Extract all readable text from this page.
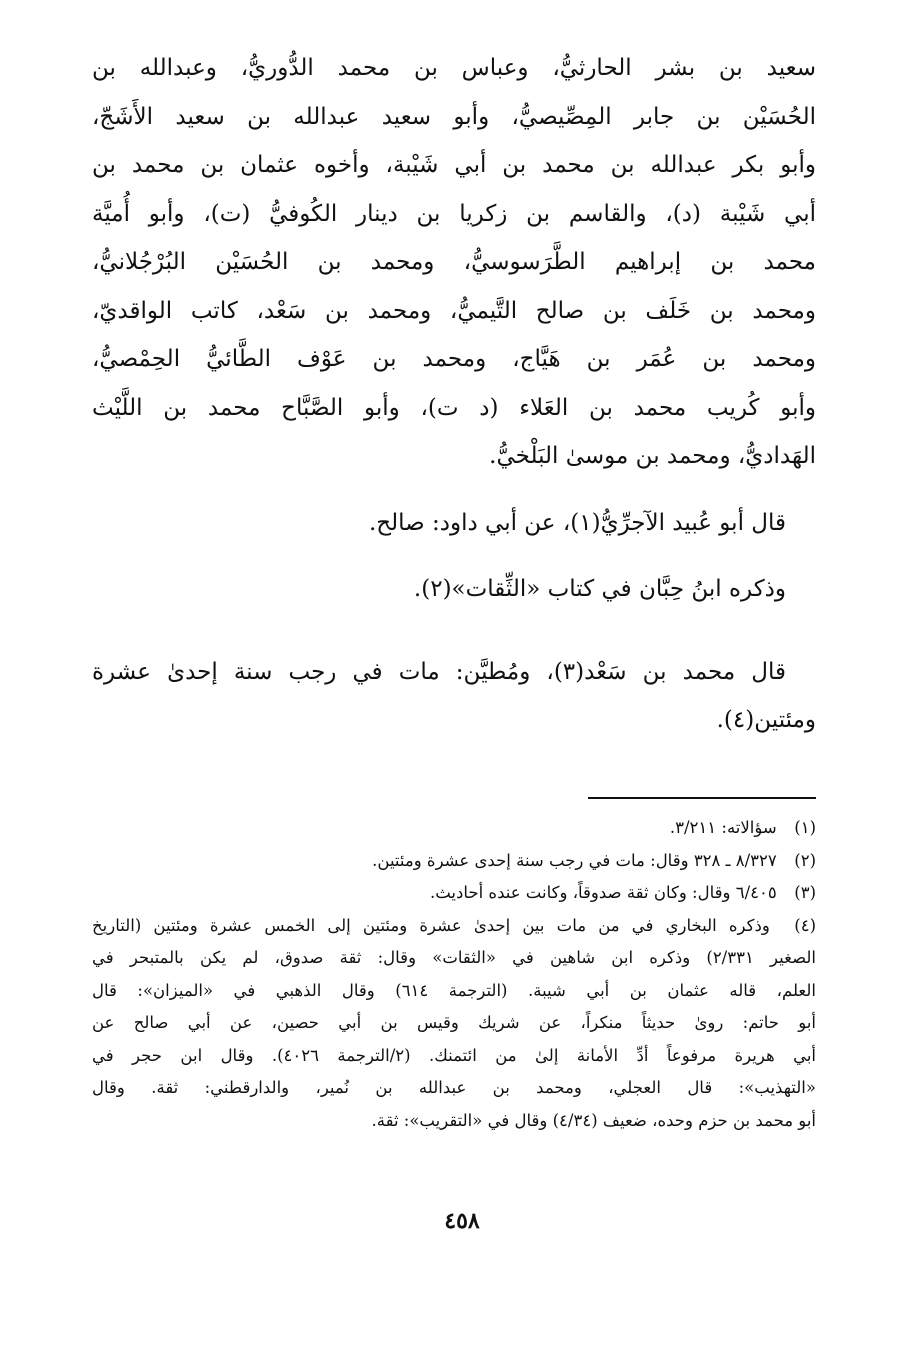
سعيد بن بشر الحارثيُّ، وعباس بن محمد الدُّوريُّ، وعبدالله بن
الحُسَيْن بن جابر المِصِّيصيُّ، وأبو سعيد عبدالله بن سعيد الأَشَجّ،
وأبو بكر عبدالله بن محمد بن أبي شَيْبة، وأخوه عثمان بن محمد بن
أبي شَيْبة (د)، والقاسم بن زكريا بن دينار الكُوفيُّ (ت)، وأبو أُميَّة
محمد بن إبراهيم الطَّرَسوسيُّ، ومحمد بن الحُسَيْن البُرْجُلانيُّ،
ومحمد بن خَلَف بن صالح التَّيميُّ، ومحمد بن سَعْد، كاتب الواقديّ،
ومحمد بن عُمَر بن هَيَّاج، ومحمد بن عَوْف الطَّائيُّ الحِمْصيُّ،
وأبو كُريب محمد بن العَلاء (د ت)، وأبو الصَّبَّاح محمد بن اللَّيْث
الهَداديُّ، ومحمد بن موسىٰ البَلْخيُّ.
قال أبو عُبيد الآجرِّيُّ(١)، عن أبي داود: صالح.
وذكره ابنُ حِبَّان في كتاب «الثِّقات»(٢).
قال محمد بن سَعْد(٣)، ومُطيَّن: مات في رجب سنة إحدىٰ عشرة
ومئتين(٤).
(١) سؤالاته: ٣/٢١١.
(٢) ٨/٣٢٧ ـ ٣٢٨ وقال: مات في رجب سنة إحدى عشرة ومئتين.
(٣) ٦/٤٠٥ وقال: وكان ثقة صدوقاً، وكانت عنده أحاديث.
(٤) وذكره البخاري في من مات بين إحدىٰ عشرة ومئتين إلى الخمس عشرة ومئتين (التاريخ
الصغير ٢/٣٣١) وذكره ابن شاهين في «الثقات» وقال: ثقة صدوق، لم يكن بالمتبحر في
العلم، قاله عثمان بن أبي شيبة. (الترجمة ٦١٤) وقال الذهبي في «الميزان»: قال
أبو حاتم: روىٰ حديثاً منكراً، عن شريك وقيس بن أبي حصين، عن أبي صالح عن
أبي هريرة مرفوعاً أدِّ الأمانة إلىٰ من ائتمنك. (٢/الترجمة ٤٠٢٦). وقال ابن حجر في
«التهذيب»: قال العجلي، ومحمد بن عبدالله بن نُمير، والدارقطني: ثقة. وقال
أبو محمد بن حزم وحده، ضعيف (٤/٣٤) وقال في «التقريب»: ثقة.
٤٥٨
